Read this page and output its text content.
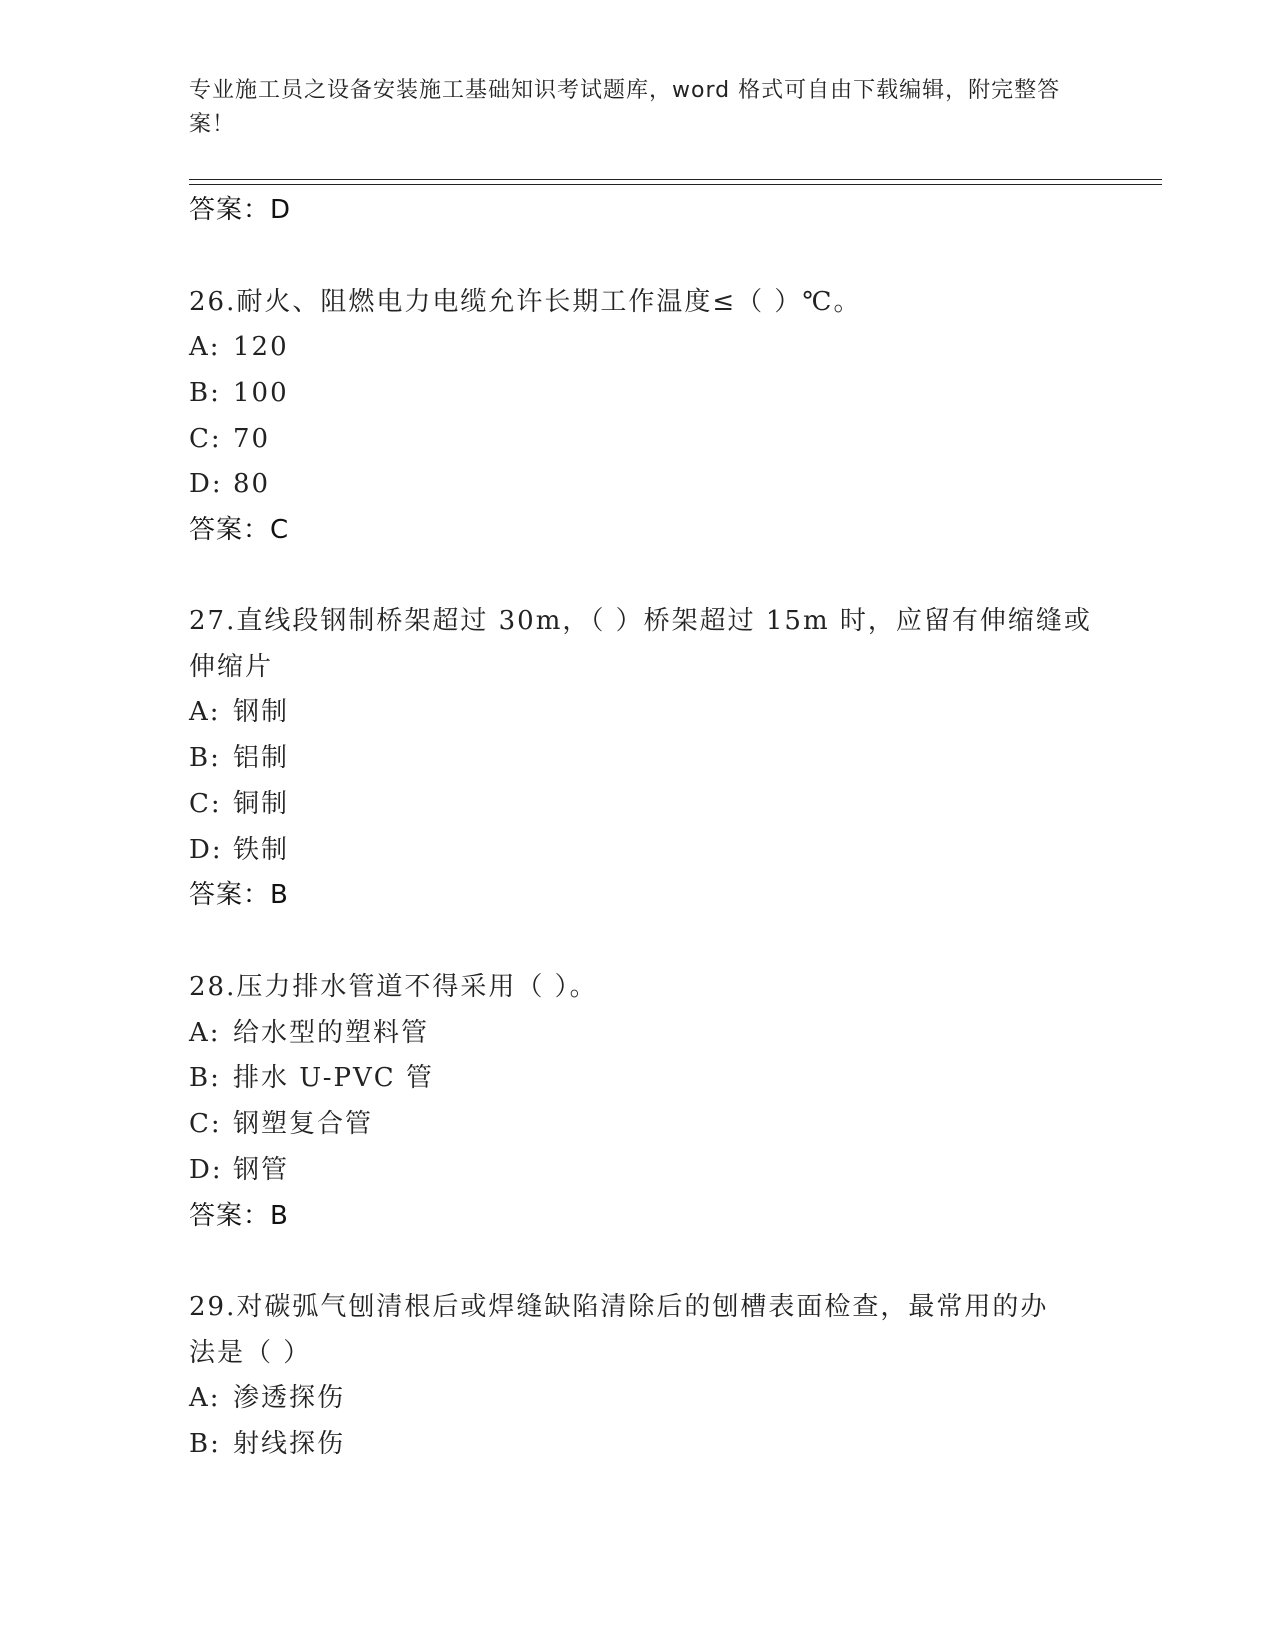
专业施工员之设备安装施工基础知识考试题库，word 格式可自由下载编辑，附完整答案！
答案：D
26.耐火、阻燃电力电缆允许长期工作温度≤（ ）℃。
A: 120
B: 100
C: 70
D: 80
答案：C
27.直线段钢制桥架超过 30m，（ ）桥架超过 15m 时，应留有伸缩缝或
伸缩片
A: 钢制
B: 铝制
C: 铜制
D: 铁制
答案：B
28.压力排水管道不得采用（ ）。
A: 给水型的塑料管
B: 排水 U-PVC 管
C: 钢塑复合管
D: 钢管
答案：B
29.对碳弧气刨清根后或焊缝缺陷清除后的刨槽表面检查，最常用的办
法是（ ）
A: 渗透探伤
B: 射线探伤
